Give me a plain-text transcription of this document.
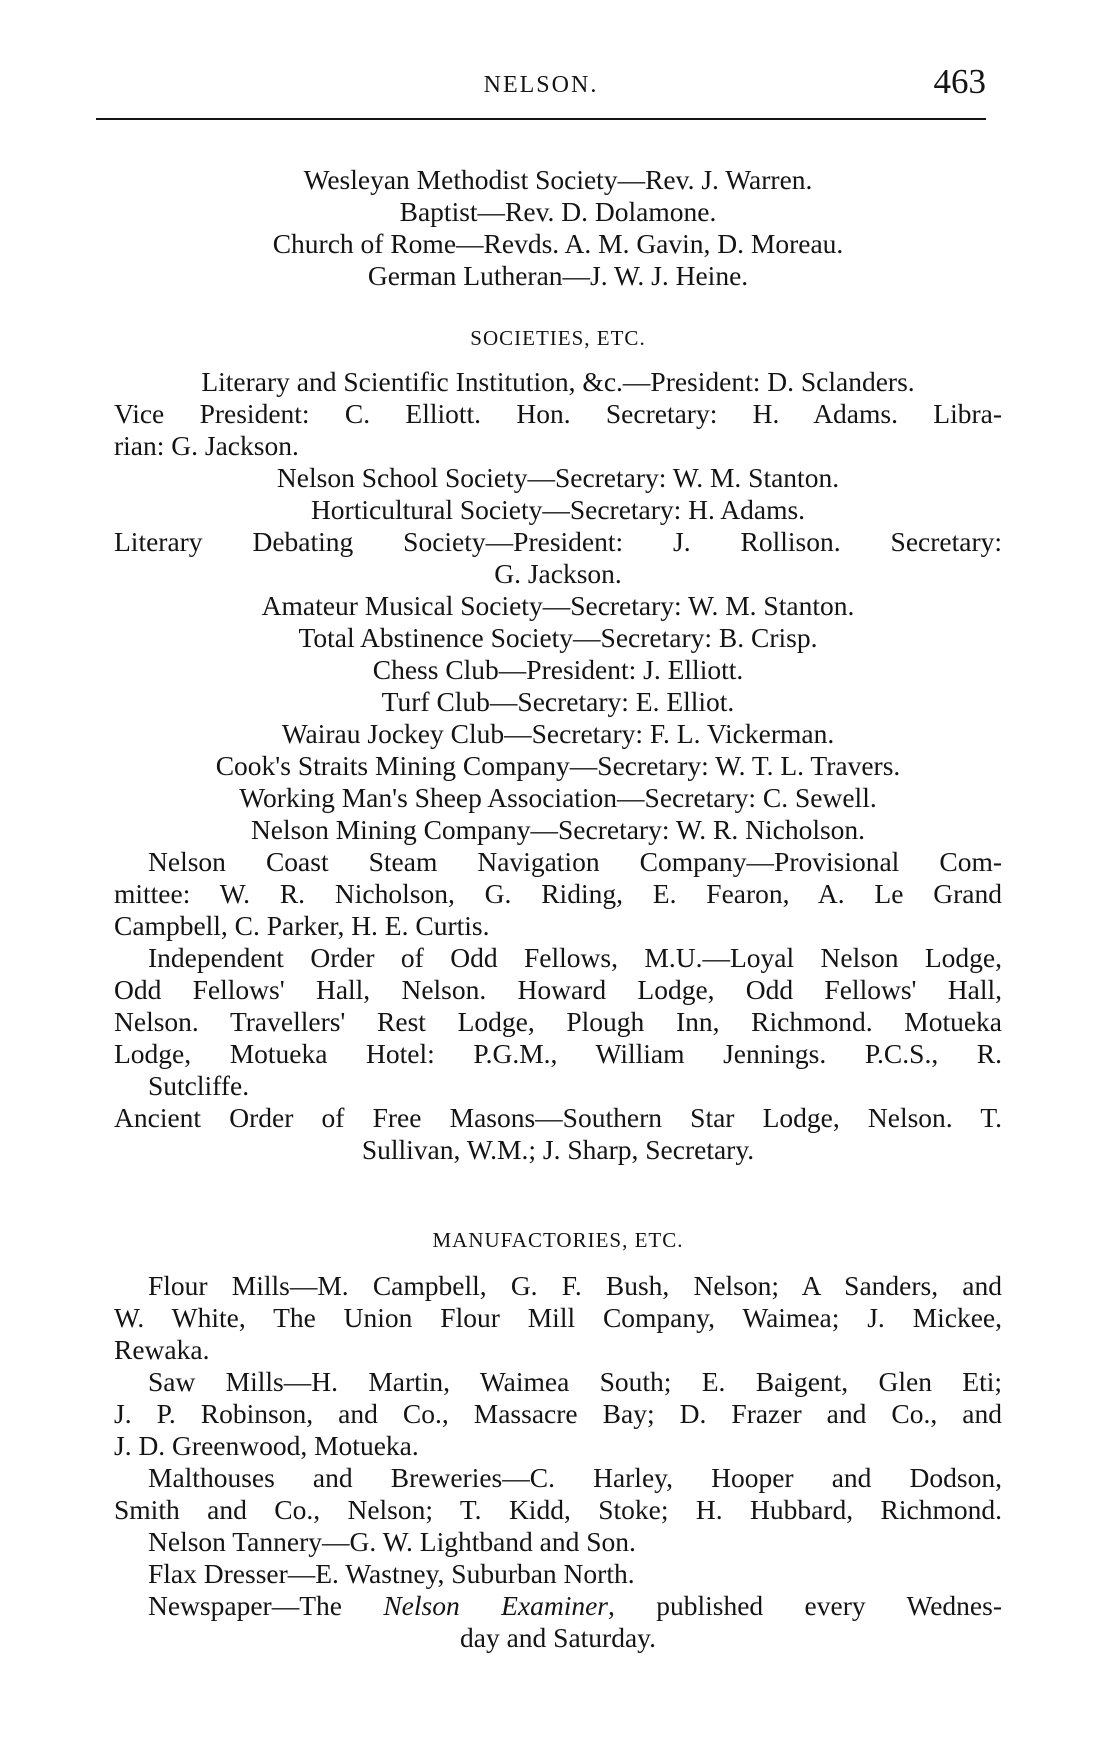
NELSON.	463

Wesleyan Methodist Society—Rev. J. Warren.

Baptist—Rev. D. Dolamone.

Church of Rome—Revds. A. M. Gavin, D. Moreau.

German Lutheran—J. W. J. Heine.

SOCIETIES, ETC.

Literary and Scientific Institution, &c.—President: D. Sclanders.

Vice President: C. Elliott. Hon. Secretary: H. Adams. Libra-

rian: G. Jackson.

Nelson School Society—Secretary: W. M. Stanton.

Horticultural Society—Secretary: H. Adams.

Literary Debating Society—President: J. Rollison. Secretary:

G. Jackson.

Amateur Musical Society—Secretary: W. M. Stanton.

Total Abstinence Society—Secretary: B. Crisp.

Chess Club—President: J. Elliott.

Turf Club—Secretary: E. Elliot.

Wairau Jockey Club—Secretary: F. L. Vickerman.

Cook's Straits Mining Company—Secretary: W. T. L. Travers.

Working Man's Sheep Association—Secretary: C. Sewell.

Nelson Mining Company—Secretary: W. R. Nicholson.

Nelson Coast Steam Navigation Company—Provisional Com-

mittee: W. R. Nicholson, G. Riding, E. Fearon, A. Le Grand

Campbell, C. Parker, H. E. Curtis.

Independent Order of Odd Fellows, M.U.—Loyal Nelson Lodge,

Odd Fellows' Hall, Nelson. Howard Lodge, Odd Fellows' Hall,

Nelson. Travellers' Rest Lodge, Plough Inn, Richmond. Motueka

Lodge, Motueka Hotel: P.G.M., William Jennings. P.C.S., R.

Sutcliffe.

Ancient Order of Free Masons—Southern Star Lodge, Nelson. T.

Sullivan, W.M.; J. Sharp, Secretary.

MANUFACTORIES, ETC.

Flour Mills—M. Campbell, G. F. Bush, Nelson; A Sanders, and

W. White, The Union Flour Mill Company, Waimea; J. Mickee,

Rewaka.

Saw Mills—H. Martin, Waimea South; E. Baigent, Glen Eti;

J. P. Robinson, and Co., Massacre Bay; D. Frazer and Co., and

J. D. Greenwood, Motueka.

Malthouses and Breweries—C. Harley, Hooper and Dodson,

Smith and Co., Nelson; T. Kidd, Stoke; H. Hubbard, Richmond.

Nelson Tannery—G. W. Lightband and Son.

Flax Dresser—E. Wastney, Suburban North.

Newspaper—The Nelson Examiner, published every Wednes-

day and Saturday.
